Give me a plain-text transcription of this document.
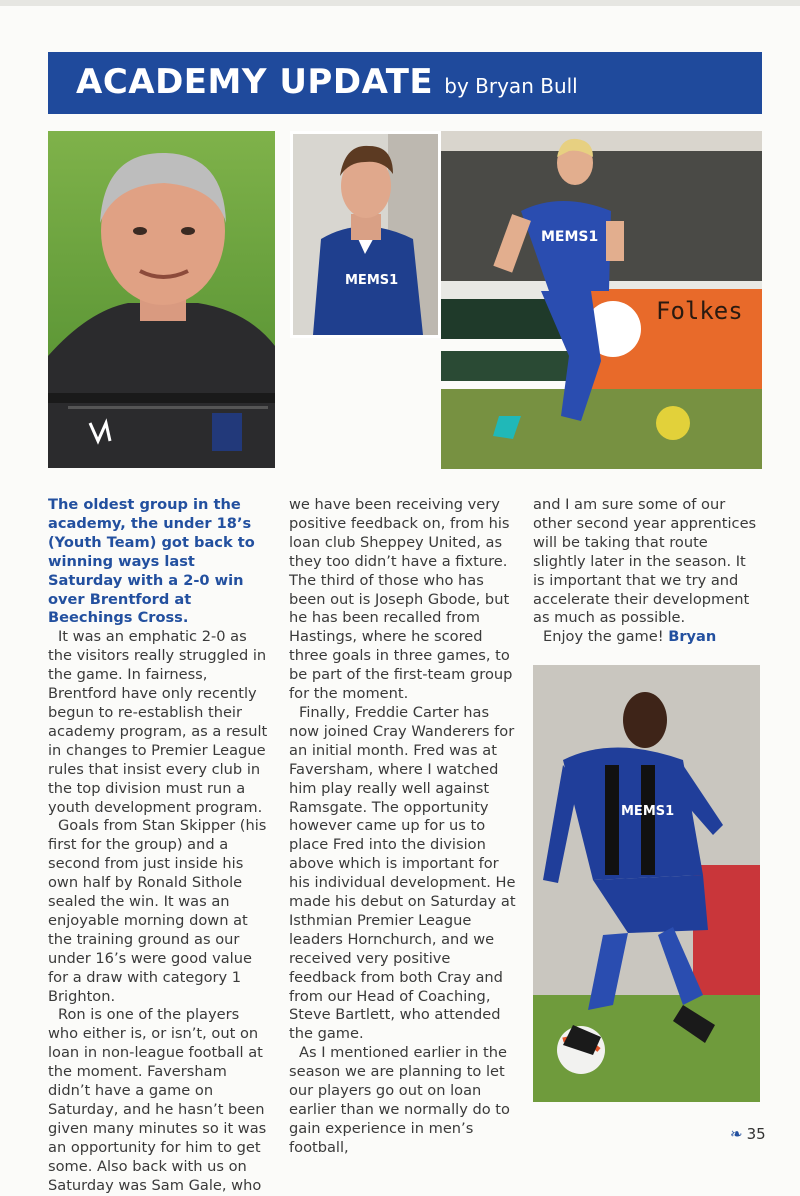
ACADEMY UPDATE by Bryan Bull
MEMS1
Folkes
MEMS1
MEMS1

The oldest group in the academy, the under 18’s (Youth Team) got back to winning ways last Saturday with a 2-0 win over Brentford at Beechings Cross.

It was an emphatic 2-0 as the visitors really struggled in the game. In fairness, Brentford have only recently begun to re-establish their academy program, as a result in changes to Premier League rules that insist every club in the top division must run a youth development program.

Goals from Stan Skipper (his first for the group) and a second from just inside his own half by Ronald Sithole sealed the win. It was an enjoyable morning down at the training ground as our under 16’s were good value for a draw with category 1 Brighton.

Ron is one of the players who either is, or isn’t, out on loan in non-league football at the moment. Faversham didn’t have a game on Saturday, and he hasn’t been given many minutes so it was an opportunity for him to get some. Also back with us on Saturday was Sam Gale, who

we have been receiving very positive feedback on, from his loan club Sheppey United, as they too didn’t have a fixture. The third of those who has been out is Joseph Gbode, but he has been recalled from Hastings, where he scored three goals in three games, to be part of the first-team group for the moment.

Finally, Freddie Carter has now joined Cray Wanderers for an initial month. Fred was at Faversham, where I watched him play really well against Ramsgate. The opportunity however came up for us to place Fred into the division above which is important for his individual development. He made his debut on Saturday at Isthmian Premier League leaders Hornchurch, and we received very positive feedback from both Cray and from our Head of Coaching, Steve Bartlett, who attended the game.

As I mentioned earlier in the season we are planning to let our players go out on loan earlier than we normally do to gain experience in men’s football,

and I am sure some of our other second year apprentices will be taking that route slightly later in the season. It is important that we try and accelerate their development as much as possible.

Enjoy the game! Bryan

❧ 35
